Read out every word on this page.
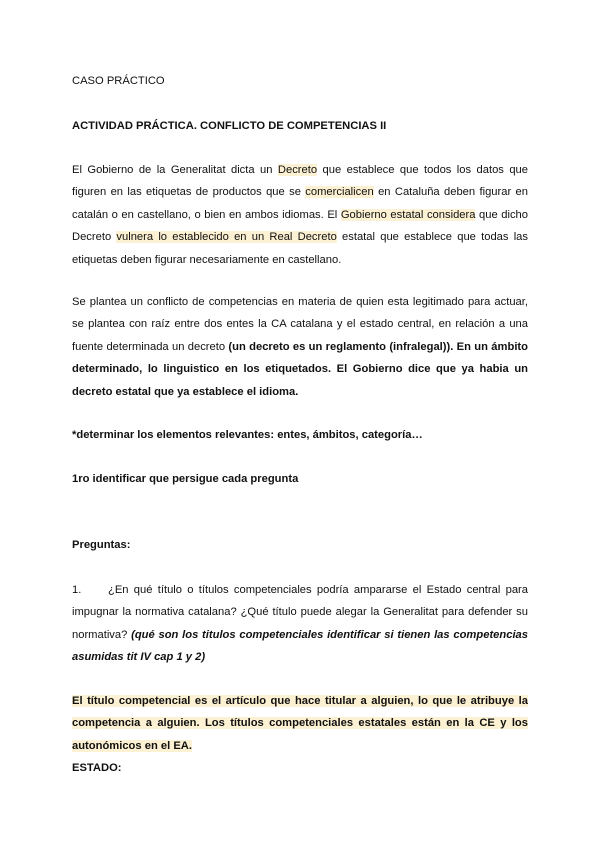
CASO PRÁCTICO
ACTIVIDAD PRÁCTICA. CONFLICTO DE COMPETENCIAS II
El Gobierno de la Generalitat dicta un Decreto que establece que todos los datos que figuren en las etiquetas de productos que se comercialicen en Cataluña deben figurar en catalán o en castellano, o bien en ambos idiomas. El Gobierno estatal considera que dicho Decreto vulnera lo establecido en un Real Decreto estatal que establece que todas las etiquetas deben figurar necesariamente en castellano.
Se plantea un conflicto de competencias en materia de quien esta legitimado para actuar, se plantea con raíz entre dos entes la CA catalana y el estado central, en relación a una fuente determinada un decreto (un decreto es un reglamento (infralegal)). En un ámbito determinado, lo linguistico en los etiquetados. El Gobierno dice que ya habia un decreto estatal que ya establece el idioma.
*determinar los elementos relevantes: entes, ámbitos, categoría…
1ro identificar que persigue cada pregunta
Preguntas:
1. ¿En qué título o títulos competenciales podría ampararse el Estado central para impugnar la normativa catalana? ¿Qué título puede alegar la Generalitat para defender su normativa? (qué son los titulos competenciales identificar si tienen las competencias asumidas tit IV cap 1 y 2)
El título competencial es el artículo que hace titular a alguien, lo que le atribuye la competencia a alguien. Los títulos competenciales estatales están en la CE y los autonómicos en el EA.
ESTADO:
